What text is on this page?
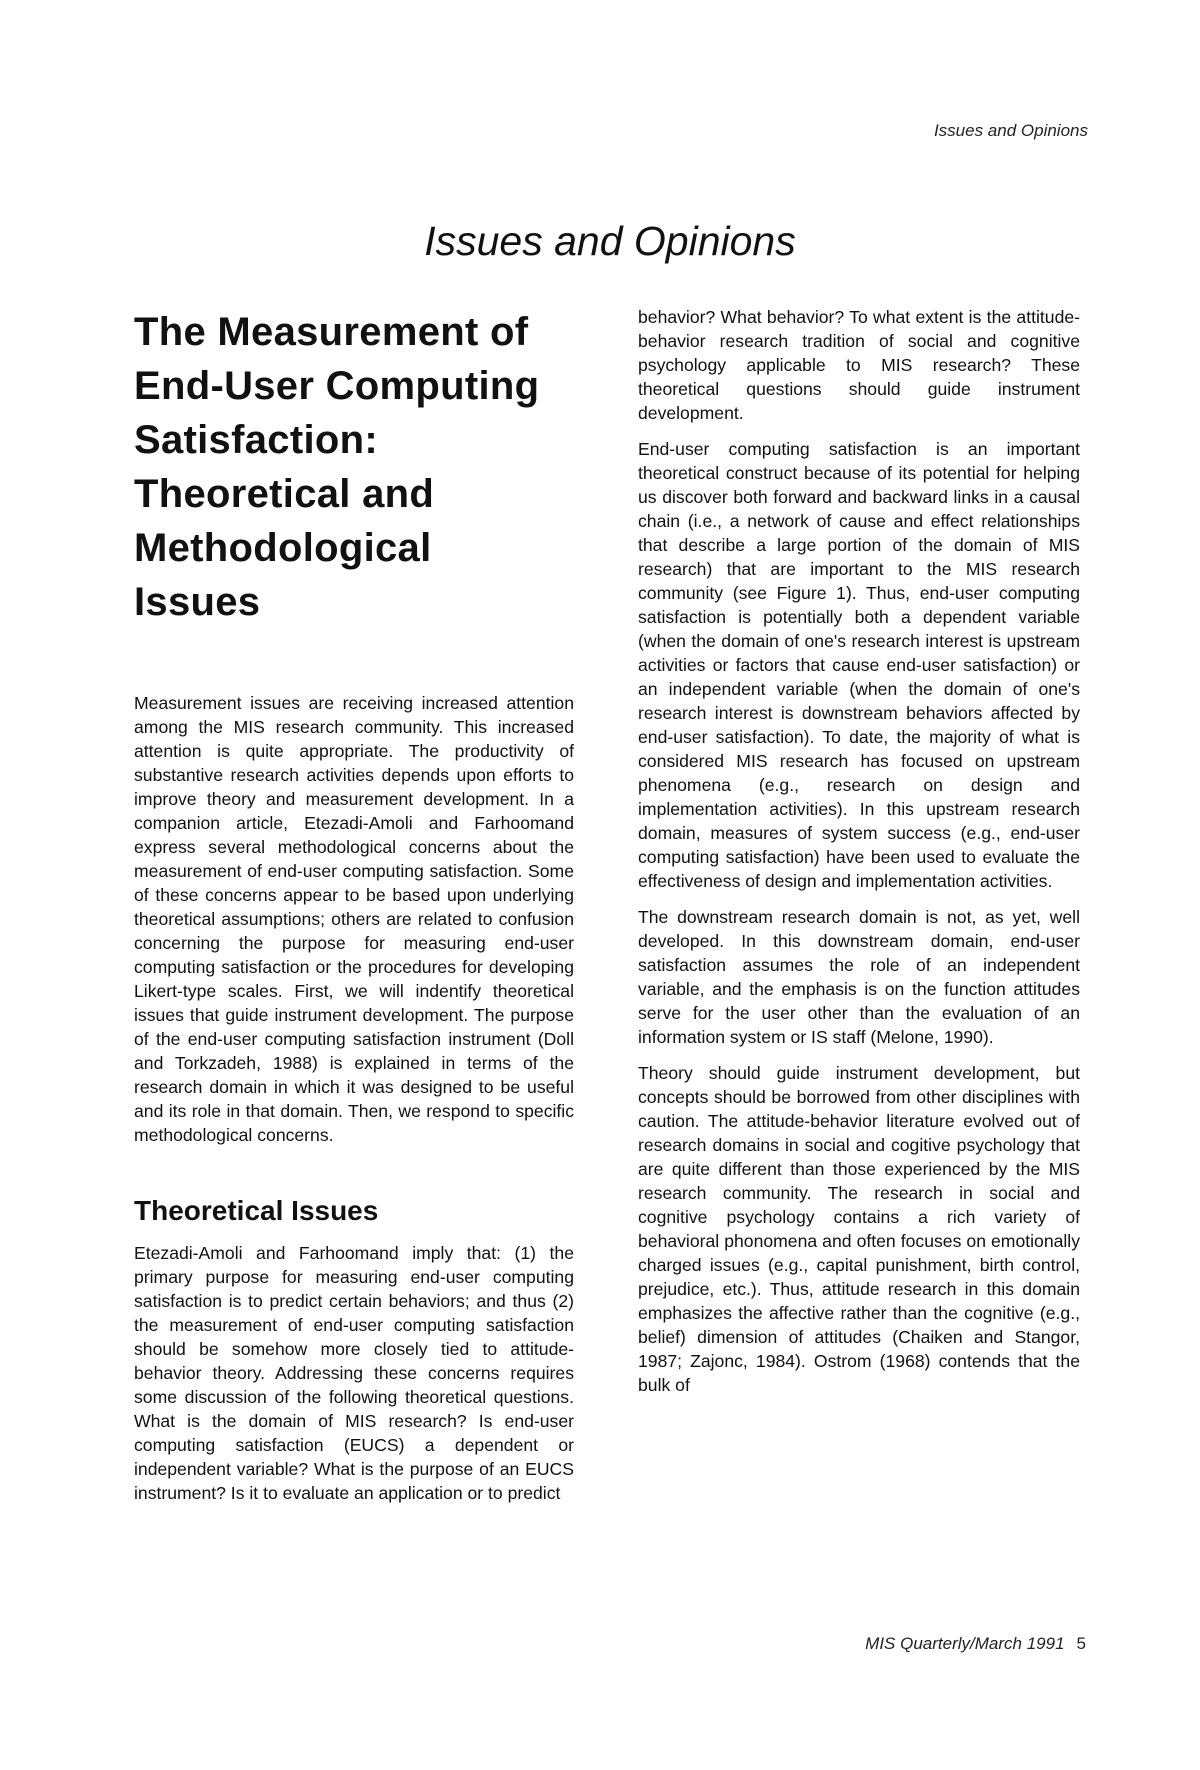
Issues and Opinions
Issues and Opinions
The Measurement of
End-User Computing
Satisfaction:
Theoretical and
Methodological
Issues

Measurement issues are receiving increased attention among the MIS research community. This increased attention is quite appropriate. The productivity of substantive research activities depends upon efforts to improve theory and measurement development. In a companion article, Etezadi-Amoli and Farhoomand express several methodological concerns about the measurement of end-user computing satisfaction. Some of these concerns appear to be based upon underlying theoretical assumptions; others are related to confusion concerning the purpose for measuring end-user computing satisfaction or the procedures for developing Likert-type scales. First, we will indentify theoretical issues that guide instrument development. The purpose of the end-user computing satisfaction instrument (Doll and Torkzadeh, 1988) is explained in terms of the research domain in which it was designed to be useful and its role in that domain. Then, we respond to specific methodological concerns.

Theoretical Issues

Etezadi-Amoli and Farhoomand imply that: (1) the primary purpose for measuring end-user computing satisfaction is to predict certain behaviors; and thus (2) the measurement of end-user computing satisfaction should be somehow more closely tied to attitude-behavior theory. Addressing these concerns requires some discussion of the following theoretical questions. What is the domain of MIS research? Is end-user computing satisfaction (EUCS) a dependent or independent variable? What is the purpose of an EUCS instrument? Is it to evaluate an application or to predict

behavior? What behavior? To what extent is the attitude-behavior research tradition of social and cognitive psychology applicable to MIS research? These theoretical questions should guide instrument development.

End-user computing satisfaction is an important theoretical construct because of its potential for helping us discover both forward and backward links in a causal chain (i.e., a network of cause and effect relationships that describe a large portion of the domain of MIS research) that are important to the MIS research community (see Figure 1). Thus, end-user computing satisfaction is potentially both a dependent variable (when the domain of one's research interest is upstream activities or factors that cause end-user satisfaction) or an independent variable (when the domain of one's research interest is downstream behaviors affected by end-user satisfaction). To date, the majority of what is considered MIS research has focused on upstream phenomena (e.g., research on design and implementation activities). In this upstream research domain, measures of system success (e.g., end-user computing satisfaction) have been used to evaluate the effectiveness of design and implementation activities.

The downstream research domain is not, as yet, well developed. In this downstream domain, end-user satisfaction assumes the role of an independent variable, and the emphasis is on the function attitudes serve for the user other than the evaluation of an information system or IS staff (Melone, 1990).

Theory should guide instrument development, but concepts should be borrowed from other disciplines with caution. The attitude-behavior literature evolved out of research domains in social and cogitive psychology that are quite different than those experienced by the MIS research community. The research in social and cognitive psychology contains a rich variety of behavioral phonomena and often focuses on emotionally charged issues (e.g., capital punishment, birth control, prejudice, etc.). Thus, attitude research in this domain emphasizes the affective rather than the cognitive (e.g., belief) dimension of attitudes (Chaiken and Stangor, 1987; Zajonc, 1984). Ostrom (1968) contends that the bulk of

MIS Quarterly/March 1991 5
